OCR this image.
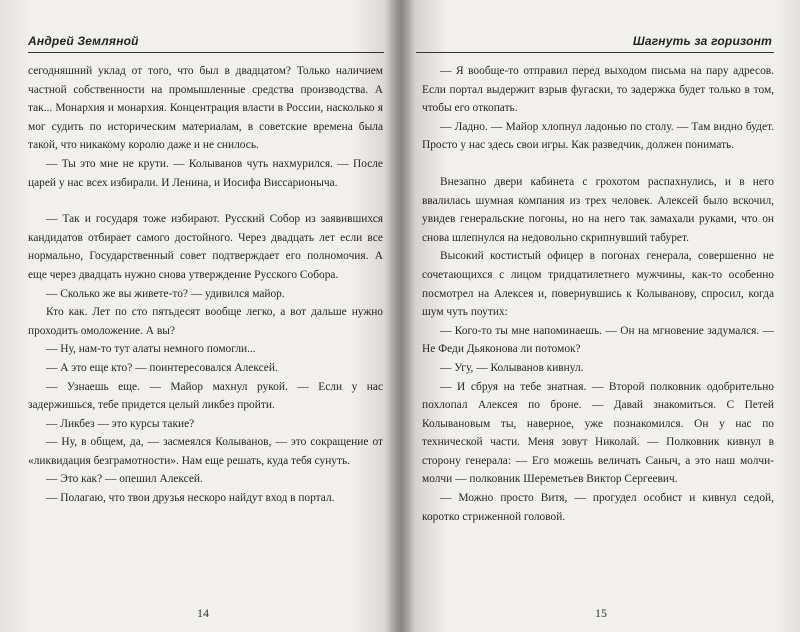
Андрей Земляной

сегодняшний уклад от того, что был в двадцатом? Только наличием частной собственности на промышленные средства производства. А так... Монархия и монархия. Концентрация власти в России, насколько я мог судить по историческим материалам, в советские времена была такой, что никакому королю даже и не снилось.

— Ты это мне не крути. — Колыванов чуть нахмурился. — После царей у нас всех избирали. И Ленина, и Иосифа Виссарионыча.

— Так и государя тоже избирают. Русский Собор из заявившихся кандидатов отбирает самого достойного. Через двадцать лет если все нормально, Государственный совет подтверждает его полномочия. А еще через двадцать нужно снова утверждение Русского Собора.

— Сколько же вы живете-то? — удивился майор.

Кто как. Лет по сто пятьдесят вообще легко, а вот дальше нужно проходить омоложение. А вы?

— Ну, нам-то тут алаты немного помогли...

— А это еще кто? — поинтересовался Алексей.

— Узнаешь еще. — Майор махнул рукой. — Если у нас задержишься, тебе придется целый ликбез пройти.

— Ликбез — это курсы такие?

— Ну, в общем, да, — засмеялся Колыванов, — это сокращение от «ликвидация безграмотности». Нам еще решать, куда тебя сунуть.

— Это как? — опешил Алексей.

— Полагаю, что твои друзья нескоро найдут вход в портал.

14
Шагнуть за горизонт

— Я вообще-то отправил перед выходом письма на пару адресов. Если портал выдержит взрыв фугаски, то задержка будет только в том, чтобы его откопать.

— Ладно. — Майор хлопнул ладонью по столу. — Там видно будет. Просто у нас здесь свои игры. Как разведчик, должен понимать.

Внезапно двери кабинета с грохотом распахнулись, и в него ввалилась шумная компания из трех человек. Алексей было вскочил, увидев генеральские погоны, но на него так замахали руками, что он снова шлепнулся на недовольно скрипнувший табурет.

Высокий костистый офицер в погонах генерала, совершенно не сочетающихся с лицом тридцатилетнего мужчины, как-то особенно посмотрел на Алексея и, повернувшись к Колыванову, спросил, когда шум чуть поутих:

— Кого-то ты мне напоминаешь. — Он на мгновение задумался. — Не Феди Дьяконова ли потомок?

— Угу, — Колыванов кивнул.

— И сбруя на тебе знатная. — Второй полковник одобрительно похлопал Алексея по броне. — Давай знакомиться. С Петей Колывановым ты, наверное, уже познакомился. Он у нас по технической части. Меня зовут Николай. — Полковник кивнул в сторону генерала: — Его можешь величать Саныч, а это наш молчи-молчи — полковник Шереметьев Виктор Сергеевич.

— Можно просто Витя, — прогудел особист и кивнул седой, коротко стриженной головой.

15
